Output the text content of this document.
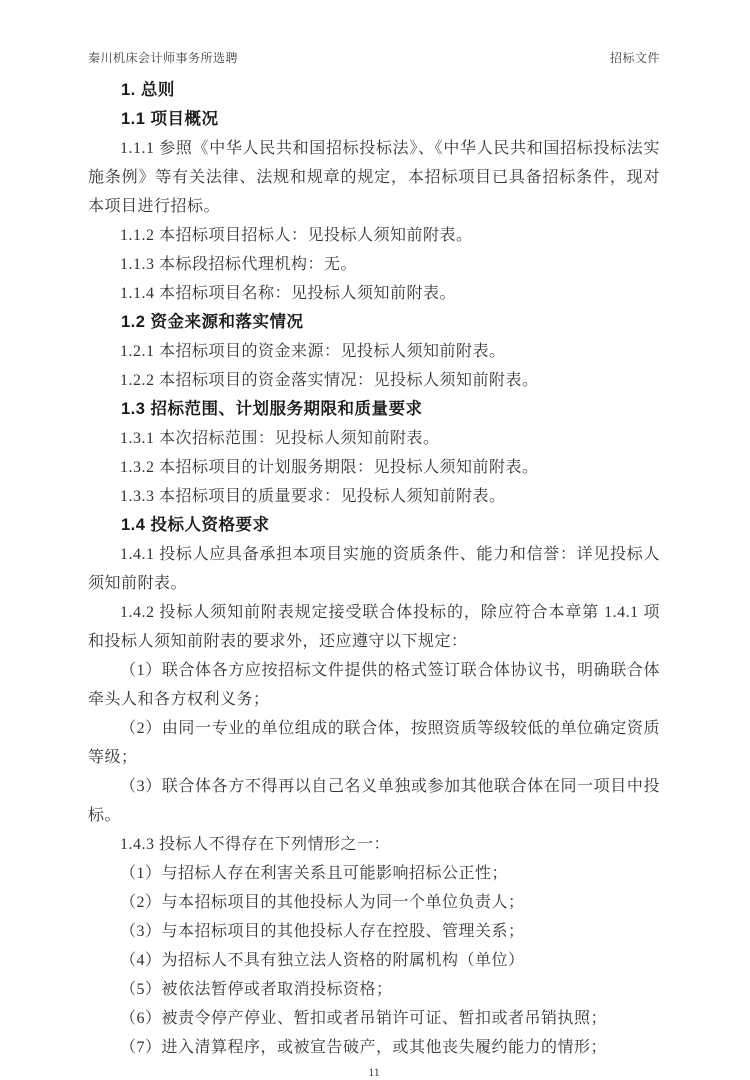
秦川机床会计师事务所选聘	招标文件
1. 总则
1.1 项目概况

1.1.1 参照《中华人民共和国招标投标法》、《中华人民共和国招标投标法实施条例》等有关法律、法规和规章的规定，本招标项目已具备招标条件，现对本项目进行招标。

1.1.2 本招标项目招标人：见投标人须知前附表。

1.1.3 本标段招标代理机构：无。

1.1.4 本招标项目名称：见投标人须知前附表。

1.2 资金来源和落实情况

1.2.1 本招标项目的资金来源：见投标人须知前附表。

1.2.2 本招标项目的资金落实情况：见投标人须知前附表。

1.3 招标范围、计划服务期限和质量要求

1.3.1 本次招标范围：见投标人须知前附表。

1.3.2 本招标项目的计划服务期限：见投标人须知前附表。

1.3.3 本招标项目的质量要求：见投标人须知前附表。

1.4 投标人资格要求

1.4.1 投标人应具备承担本项目实施的资质条件、能力和信誉：详见投标人须知前附表。

1.4.2 投标人须知前附表规定接受联合体投标的，除应符合本章第 1.4.1 项和投标人须知前附表的要求外，还应遵守以下规定：

（1）联合体各方应按招标文件提供的格式签订联合体协议书，明确联合体牵头人和各方权利义务；

（2）由同一专业的单位组成的联合体，按照资质等级较低的单位确定资质等级；

（3）联合体各方不得再以自己名义单独或参加其他联合体在同一项目中投标。

1.4.3 投标人不得存在下列情形之一：

（1）与招标人存在利害关系且可能影响招标公正性；

（2）与本招标项目的其他投标人为同一个单位负责人；

（3）与本招标项目的其他投标人存在控股、管理关系；

（4）为招标人不具有独立法人资格的附属机构（单位）

（5）被依法暂停或者取消投标资格；

（6）被责令停产停业、暂扣或者吊销许可证、暂扣或者吊销执照；

（7）进入清算程序，或被宣告破产，或其他丧失履约能力的情形；

11
